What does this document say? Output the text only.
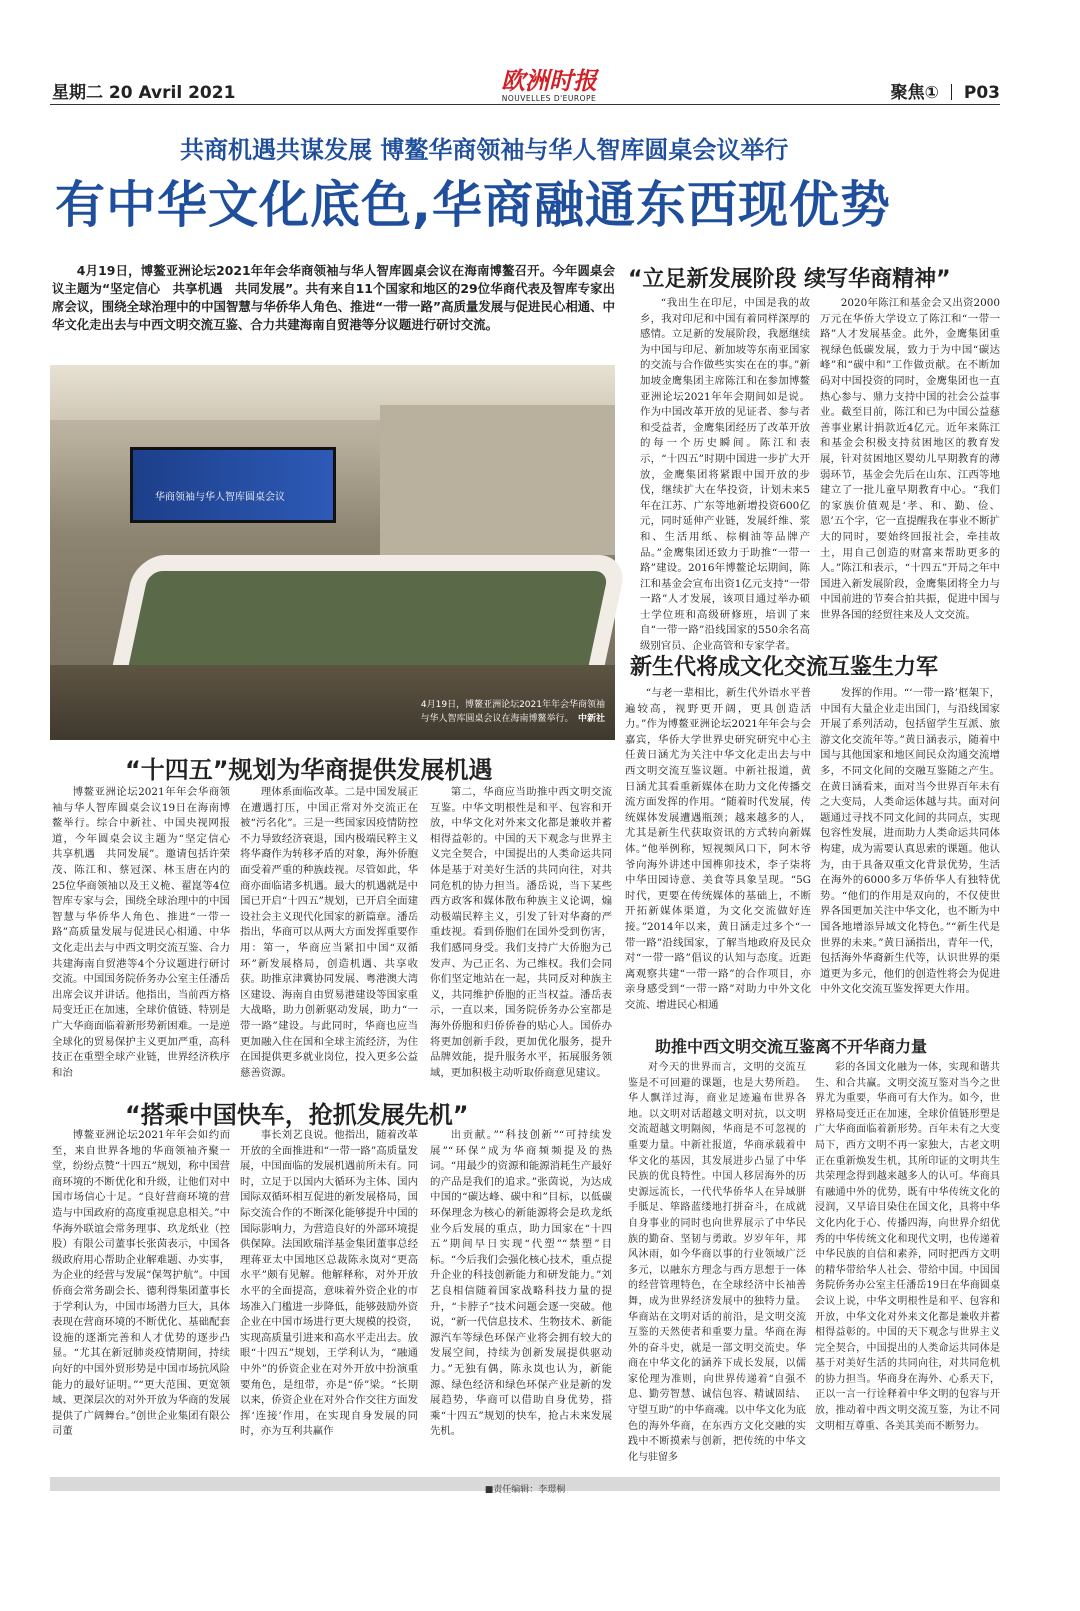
星期二 20 Avril 2021	欧洲时报
NOUVELLES D'EUROPE	聚焦① P03
共商机遇共谋发展 博鳌华商领袖与华人智库圆桌会议举行
有中华文化底色,华商融通东西现优势
4月19日，博鳌亚洲论坛2021年年会华商领袖与华人智库圆桌会议在海南博鳌召开。今年圆桌会议主题为“坚定信心　共享机遇　共同发展”。共有来自11个国家和地区的29位华商代表及智库专家出席会议，围绕全球治理中的中国智慧与华侨华人角色、推进“一带一路”高质量发展与促进民心相通、中华文化走出去与中西文明交流互鉴、合力共建海南自贸港等分议题进行研讨交流。
华商领袖与华人智库圆桌会议
4月19日，博鳌亚洲论坛2021年年会华商领袖
与华人智库圆桌会议在海南博鳌举行。　 中新社
“立足新发展阶段 续写华商精神”

“我出生在印尼，中国是我的故乡，我对印尼和中国有着同样深厚的感情。立足新的发展阶段，我愿继续为中国与印尼、新加坡等东南亚国家的交流与合作做些实实在在的事。”新加坡金鹰集团主席陈江和在参加博鳌亚洲论坛2021年年会期间如是说。作为中国改革开放的见证者、参与者和受益者，金鹰集团经历了改革开放的每一个历史瞬间。陈江和表示，“十四五”时期中国进一步扩大开放，金鹰集团将紧跟中国开放的步伐，继续扩大在华投资，计划未来5年在江苏、广东等地新增投资600亿元，同时延伸产业链，发展纤维、浆和、生活用纸、棕榈油等品牌产品。”金鹰集团还致力于助推“一带一路”建设。2016年博鳌论坛期间，陈江和基金会宣布出资1亿元支持“一带一路”人才发展，该项目通过举办硕士学位班和高级研修班，培训了来自“一带一路”沿线国家的550余名高级别官员、企业高管和专家学者。

2020年陈江和基金会又出资2000万元在华侨大学设立了陈江和“一带一路”人才发展基金。此外，金鹰集团重视绿色低碳发展，致力于为中国“碳达峰”和“碳中和”工作做贡献。在不断加码对中国投资的同时，金鹰集团也一直热心参与、鼎力支持中国的社会公益事业。截至目前，陈江和已为中国公益慈善事业累计捐款近4亿元。近年来陈江和基金会积极支持贫困地区的教育发展，针对贫困地区婴幼儿早期教育的薄弱环节，基金会先后在山东、江西等地建立了一批儿童早期教育中心。“我们的家族价值观是‘孝、和、勤、俭、恩’五个字，它一直提醒我在事业不断扩大的同时，要始终回报社会，牵挂故土，用自己创造的财富来帮助更多的人。”陈江和表示，“十四五”开局之年中国进入新发展阶段，金鹰集团将全力与中国前进的节奏合拍共振，促进中国与世界各国的经贸往来及人文交流。

新生代将成文化交流互鉴生力军

“与老一辈相比，新生代外语水平普遍较高，视野更开阔，更具创造活力。”作为博鳌亚洲论坛2021年年会与会嘉宾，华侨大学世界史研究研究中心主任黄日涵尤为关注中华文化走出去与中西文明交流互鉴议题。中新社报道，黄日涵尤其看重新媒体在助力文化传播交流方面发挥的作用。“随着时代发展，传统媒体发展遭遇瓶颈；越来越多的人，尤其是新生代获取资讯的方式转向新媒体。”他举例称，短视频风口下，阿木爷爷向海外讲述中国榫卯技术，李子柒将中华田园诗意、美食等具象呈现。“5G时代，更要在传统媒体的基础上，不断开拓新媒体渠道，为文化交流做好连接。”2014年以来，黄日涵走过多个“一带一路”沿线国家，了解当地政府及民众对“一带一路”倡议的认知与态度。近距离观察共建“一带一路”的合作项目，亦亲身感受到“一带一路”对助力中外文化交流、增进民心相通

发挥的作用。“‘一带一路’框架下，中国有大量企业走出国门，与沿线国家开展了系列活动，包括留学生互派、旅游文化交流年等。”黄日涵表示，随着中国与其他国家和地区间民众沟通交流增多，不同文化间的交融互鉴随之产生。在黄日涵看来，面对当今世界百年未有之大变局，人类命运体越与共。面对问题通过寻找不同文化间的共同点，实现包容性发展，进而助力人类命运共同体构建，成为需要认真思索的课题。他认为，由于具备双重文化背景优势，生活在海外的6000多万华侨华人有独特优势。“他们的作用是双向的，不仅使世界各国更加关注中华文化，也不断为中国各地增添异域文化特色。”“新生代是世界的未来。”黄日涵指出，青年一代，包括海外华裔新生代等，认识世界的渠道更为多元，他们的创造性将会为促进中外文化交流互鉴发挥更大作用。

“十四五”规划为华商提供发展机遇

博鳌亚洲论坛2021年年会华商领袖与华人智库圆桌会议19日在海南博鳌举行。综合中新社、中国央视网报道，今年圆桌会议主题为“坚定信心　共享机遇　共同发展”。邀请包括许荣茂、陈江和、蔡冠深、林玉唐在内的25位华商领袖以及王义桅、翟崑等4位智库专家与会，围绕全球治理中的中国智慧与华侨华人角色、推进“一带一路”高质量发展与促进民心相通、中华文化走出去与中西文明交流互鉴、合力共建海南自贸港等4个分议题进行研讨交流。中国国务院侨务办公室主任潘岳出席会议并讲话。他指出，当前西方格局变迁正在加速，全球价值链、特别是广大华商面临着新形势新困难。一是逆全球化的贸易保护主义更加严重，高科技正在重塑全球产业链，世界经济秩序和治

理体系面临改革。二是中国发展正在遭遇打压，中国正常对外交流正在被“污名化”。三是一些国家因疫情防控不力导致经济衰退，国内极端民粹主义将华裔作为转移矛盾的对象，海外侨胞面受着严重的种族歧视。尽管如此，华商亦面临诸多机遇。最大的机遇就是中国已开启“十四五”规划，已开启全面建设社会主义现代化国家的新篇章。潘岳指出，华商可以从两大方面发挥重要作用：第一，华商应当紧扣中国“双循环”新发展格局，创造机遇、共享收获。助推京津冀协同发展、粤港澳大湾区建设、海南自由贸易港建设等国家重大战略，助力创新驱动发展，助力“一带一路”建设。与此同时，华商也应当更加融入住在国和全球主流经济，为住在国提供更多就业岗位，投入更多公益慈善资源。

第二，华商应当助推中西文明交流互鉴。中华文明根性是和平、包容和开放，中华文化对外来文化都是兼收并蓄相得益彰的。中国的天下观念与世界主义完全契合，中国提出的人类命运共同体是基于对美好生活的共同向往，对共同危机的协力担当。潘岳说，当下某些西方政客和媒体散布种族主义论调，煽动极端民粹主义，引发了针对华裔的严重歧视。看到侨胞们在国外受到伤害，我们感同身受。我们支持广大侨胞为己发声、为己正名、为己维权。我们会同你们坚定地站在一起，共同反对种族主义，共同维护侨胞的正当权益。潘岳表示，一直以来，国务院侨务办公室都是海外侨胞和归侨侨眷的贴心人。国侨办将更加创新手段，更加优化服务，提升品牌效能，提升服务水平，拓展服务领域，更加积极主动听取侨商意见建议。

“搭乘中国快车，抢抓发展先机”

博鳌亚洲论坛2021年年会如约而至，来自世界各地的华商领袖齐聚一堂，纷纷点赞“十四五”规划，称中国营商环境的不断优化和升级，让他们对中国市场信心十足。“良好营商环境的营造与中国政府的高度重视息息相关。”中华海外联谊会常务理事、玖龙纸业（控股）有限公司董事长张茵表示，中国各级政府用心帮助企业解难题、办实事，为企业的经营与发展“保驾护航”。中国侨商会常务副会长、德利得集团董事长于学利认为，中国市场潜力巨大，具体表现在营商环境的不断优化、基础配套设施的逐渐完善和人才优势的逐步凸显。“尤其在新冠肺炎疫情期间，持续向好的中国外贸形势是中国市场抗风险能力的最好证明。”“更大范围、更宽领域、更深层次的对外开放为华商的发展提供了广阔舞台。”创世企业集团有限公司董

事长刘艺良说。他指出，随着改革开放的全面推进和“一带一路”高质量发展，中国面临的发展机遇前所未有。同时，立足于以国内大循环为主体、国内国际双循环相互促进的新发展格局，国际交流合作的不断深化能够提升中国的国际影响力，为营造良好的外部环境提供保障。法国欧瑞洋基金集团董事总经理蒋亚太中国地区总裁陈永岚对“更高水平”颇有见解。他解释称，对外开放水平的全面提高，意味着外资企业的市场准入门槛进一步降低，能够鼓励外资企业在中国市场进行更大规模的投资，实现高质量引进来和高水平走出去。放眼“十四五”规划，王学利认为，“融通中外”的侨资企业在对外开放中扮演重要角色，是纽带，亦是“侨”梁。“长期以来，侨资企业在对外合作交往方面发挥‘连接’作用，在实现自身发展的同时，亦为互利共赢作

出贡献。”“科技创新”“可持续发展”“环保”成为华商频频提及的热词。“用最少的资源和能源消耗生产最好的产品是我们的追求。”张茵说，为达成中国的“碳达峰、碳中和”目标，以低碳环保理念为核心的新能源将会是玖龙纸业今后发展的重点，助力国家在“十四五”期间早日实现“代塑”“禁塑”目标。“今后我们会强化核心技术，重点提升企业的科技创新能力和研发能力。”刘艺良相信随着国家战略科技力量的提升，“卡脖子”技术问题会逐一突破。他说，“新一代信息技术、生物技术、新能源汽车等绿色环保产业将会拥有较大的发展空间，持续为创新发展提供驱动力。”无独有偶，陈永岚也认为，新能源、绿色经济和绿色环保产业是新的发展趋势，华商可以借助自身优势，搭乘“十四五”规划的快车，抢占未来发展先机。

助推中西文明交流互鉴离不开华商力量

对今天的世界而言，文明的交流互鉴是不可回避的课题，也是大势所趋。华人飘洋过海，商业足迹遍布世界各地。以文明对话超越文明对抗，以文明交流超越文明隔阂，华商是不可忽视的重要力量。中新社报道，华商承载着中华文化的基因，其发展进步凸显了中华民族的优良特性。中国人移居海外的历史源远流长，一代代华侨华人在异域胼手胝足、筚路蓝缕地打拼奋斗，在成就自身事业的同时也向世界展示了中华民族的勤奋、坚韧与勇敢。岁岁年年，邦风沐雨，如今华商以事的行业领域广泛多元，以融东方理念与西方思想于一体的经营管理特色，在全球经济中长袖善舞，成为世界经济发展中的独特力量。华商站在文明对话的前沿，是文明交流互鉴的天然使者和重要力量。华商在海外的奋斗史，就是一部文明交流史。华商在中华文化的涵养下成长发展，以儒家伦理为准则，向世界传递着“自强不息、勤劳智慧、诚信包容、精诚固结、守望互助”的中华商魂。以中华文化为底色的海外华商，在东西方文化交融的实践中不断摸索与创新，把传统的中华文化与驻留多

彩的各国文化融为一体，实现和谐共生、和合共赢。文明交流互鉴对当今之世界尤为重要，华商可有大作为。如今，世界格局变迁正在加速，全球价值链形塑是广大华商面临着新形势。百年未有之大变局下，西方文明不再一家独大，古老文明正在重新焕发生机，其所印证的文明共生共荣理念得到越来越多人的认可。华商具有融通中外的优势，既有中华传统文化的浸润，又早谙目染住在国文化，具将中华文化内化于心、传播四海，向世界介绍优秀的中华传统文化和现代文明，也传递着中华民族的自信和素养，同时把西方文明的精华带给华人社会、带给中国。中国国务院侨务办公室主任潘岳19日在华商圆桌会议上说，中华文明根性是和平、包容和开放，中华文化对外来文化都是兼收并蓄相得益彰的。中国的天下观念与世界主义完全契合，中国提出的人类命运共同体是基于对美好生活的共同向往，对共同危机的协力担当。华商身在海外、心系天下，正以一言一行诠释着中华文明的包容与开放，推动着中西文明交流互鉴，为让不同文明相互尊重、各美其美而不断努力。

■责任编辑：李璟桐
